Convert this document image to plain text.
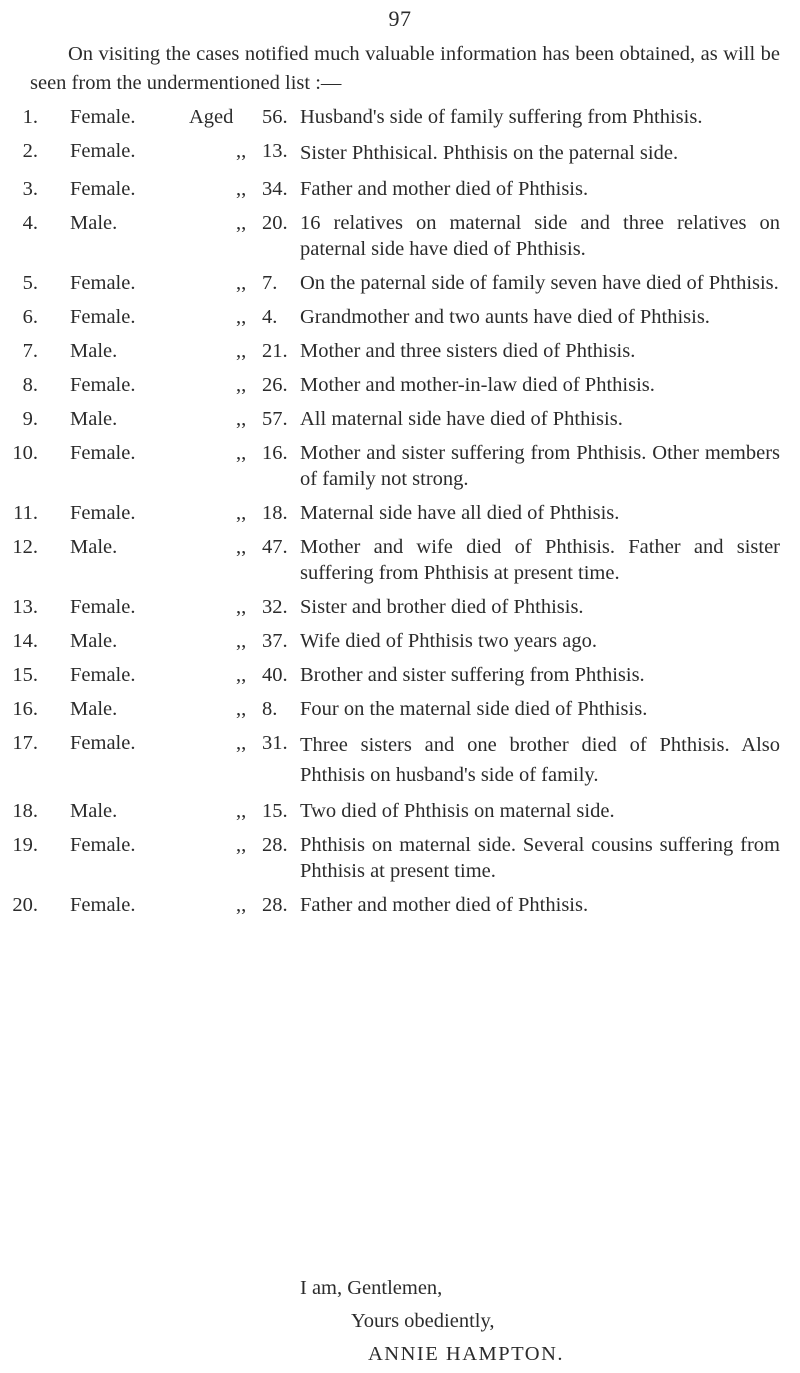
97

On visiting the cases notified much valuable information has been obtained, as will be seen from the undermentioned list :—

1. Female.	Aged 56. Husband's side of family suffering from Phthisis.
2. Female.	,, 13. Sister Phthisical. Phthisis on the paternal side.
3. Female.	,, 34. Father and mother died of Phthisis.
4. Male.	,, 20. 16 relatives on maternal side and three relatives on paternal side have died of Phthisis.
5. Female.	,, 7. On the paternal side of family seven have died of Phthisis.
6. Female.	,, 4. Grandmother and two aunts have died of Phthisis.
7. Male.	,, 21. Mother and three sisters died of Phthisis.
8. Female.	,, 26. Mother and mother-in-law died of Phthisis.
9. Male.	,, 57. All maternal side have died of Phthisis.
10. Female.	,, 16. Mother and sister suffering from Phthisis. Other members of family not strong.
11. Female.	,, 18. Maternal side have all died of Phthisis.
12. Male.	,, 47. Mother and wife died of Phthisis. Father and sister suffering from Phthisis at present time.
13. Female.	,, 32. Sister and brother died of Phthisis.
14. Male.	,, 37. Wife died of Phthisis two years ago.
15. Female.	,, 40. Brother and sister suffering from Phthisis.
16. Male.	,, 8. Four on the maternal side died of Phthisis.
17. Female.	,, 31. Three sisters and one brother died of Phthisis. Also Phthisis on husband's side of family.
18. Male.	,, 15. Two died of Phthisis on maternal side.
19. Female.	,, 28. Phthisis on maternal side. Several cousins suffering from Phthisis at present time.
20. Female.	,, 28. Father and mother died of Phthisis.
I am, Gentlemen,
Yours obediently,
ANNIE HAMPTON.
